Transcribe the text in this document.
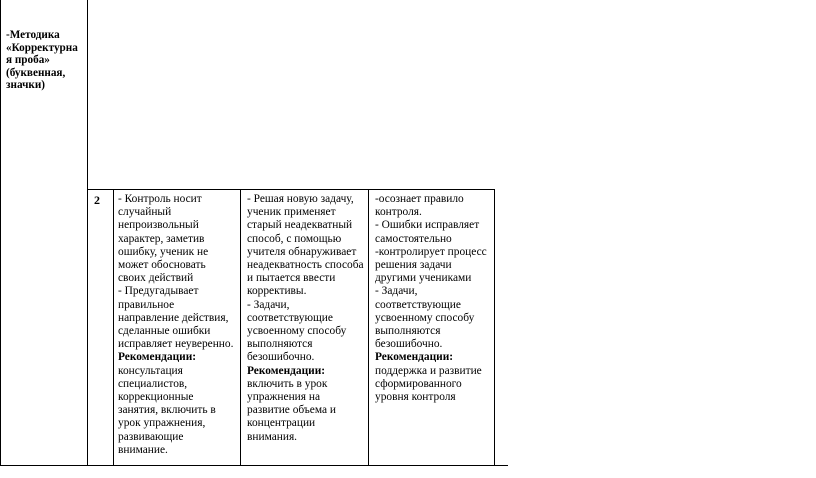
-Методика
«Корректурна
я проба»
(буквенная,
значки)
2 - Контроль носит
случайный
непроизвольный
характер, заметив
ошибку, ученик не
может обосновать
своих действий
- Предугадывает
правильное
направление действия,
сделанные ошибки
исправляет неуверенно.
Рекомендации:
консультация
специалистов,
коррекционные
занятия, включить в
урок упражнения,
развивающие
внимание.
- Решая новую задачу,
ученик применяет
старый неадекватный
способ, с помощью
учителя обнаруживает
неадекватность способа
и пытается ввести
коррективы.
- Задачи,
соответствующие
усвоенному способу
выполняются
безошибочно.
Рекомендации:
включить в урок
упражнения на
развитие объема и
концентрации
внимания.
-осознает правило
контроля.
- Ошибки исправляет
самостоятельно
-контролирует процесс
решения задачи
другими учениками
- Задачи,
соответствующие
усвоенному способу
выполняются
безошибочно.
Рекомендации:
поддержка и развитие
сформированного
уровня контроля
